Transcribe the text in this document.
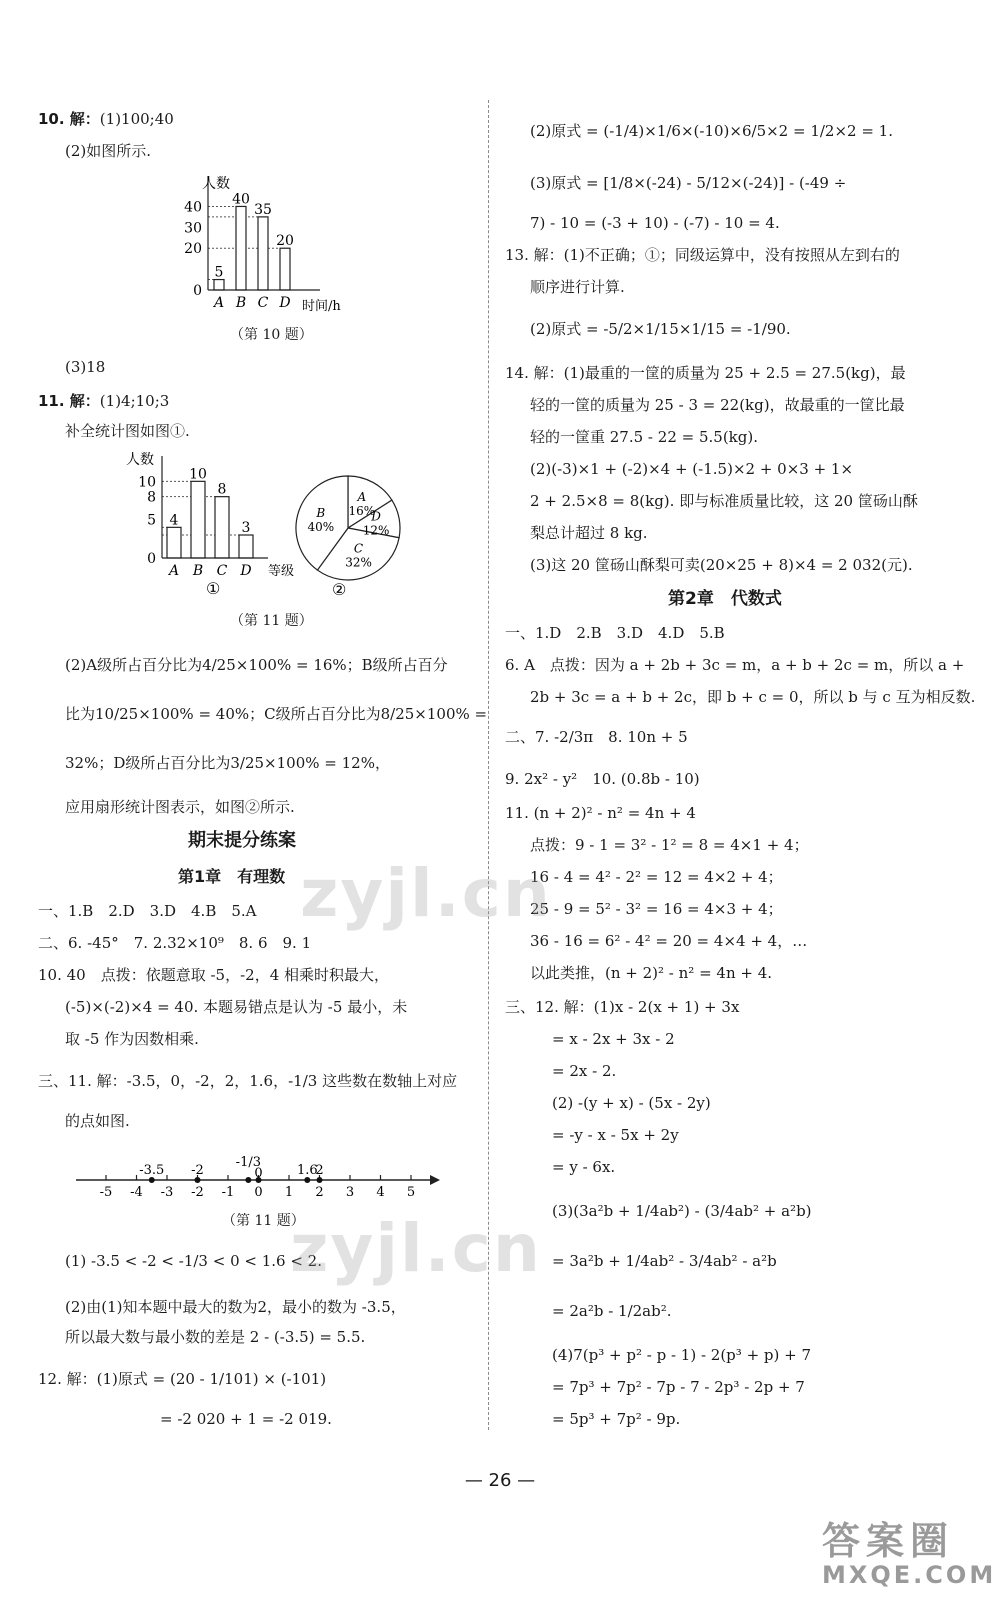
10. 解：(1)100;40
(2)如图所示.
0
20
30
40
5
A
40
B
35
C
20
D
人数
时间/h
（第 10 题）
(3)18
11. 解：(1)4;10;3
补全统计图如图①.
0
5
8
10
4
A
10
B
8
C
3
D
人数
等级
①
A
16%
D
12%
C
32%
B
40%
②
（第 11 题）
(2)A级所占百分比为4/25×100% = 16%；B级所占百分
比为10/25×100% = 40%；C级所占百分比为8/25×100% =
32%；D级所占百分比为3/25×100% = 12%，
应用扇形统计图表示，如图②所示.
期末提分练案
第1章　有理数
一、1.B　2.D　3.D　4.B　5.A
二、6. -45°　7. 2.32×10⁹　8. 6　9. 1
10. 40　点拨：依题意取 -5，-2，4 相乘时积最大，
(-5)×(-2)×4 = 40. 本题易错点是认为 -5 最小，未
取 -5 作为因数相乘.
三、11. 解：-3.5，0，-2，2，1.6，-1/3 这些数在数轴上对应
的点如图.
-5 -4 -3 -2 -1 0 1 2 3 4 5
-3.5 -2
-1/3
0	1.6
2
（第 11 题）
(1) -3.5 < -2 < -1/3 < 0 < 1.6 < 2.
(2)由(1)知本题中最大的数为2，最小的数为 -3.5，
所以最大数与最小数的差是 2 - (-3.5) = 5.5.
12. 解：(1)原式 = (20 - 1/101) × (-101)
= -2 020 + 1 = -2 019.
(2)原式 = (-1/4)×1/6×(-10)×6/5×2 = 1/2×2 = 1.
(3)原式 = [1/8×(-24) - 5/12×(-24)] - (-49 ÷
7) - 10 = (-3 + 10) - (-7) - 10 = 4.
13. 解：(1)不正确；①；同级运算中，没有按照从左到右的
顺序进行计算.
(2)原式 = -5/2×1/15×1/15 = -1/90.
14. 解：(1)最重的一筐的质量为 25 + 2.5 = 27.5(kg)，最
轻的一筐的质量为 25 - 3 = 22(kg)，故最重的一筐比最
轻的一筐重 27.5 - 22 = 5.5(kg).
(2)(-3)×1 + (-2)×4 + (-1.5)×2 + 0×3 + 1×
2 + 2.5×8 = 8(kg). 即与标准质量比较，这 20 筐砀山酥
梨总计超过 8 kg.
(3)这 20 筐砀山酥梨可卖(20×25 + 8)×4 = 2 032(元).
第2章　代数式
一、1.D　2.B　3.D　4.D　5.B
6. A　点拨：因为 a + 2b + 3c = m，a + b + 2c = m，所以 a +
2b + 3c = a + b + 2c，即 b + c = 0，所以 b 与 c 互为相反数.
二、7. -2/3π　8. 10n + 5
9. 2x² - y²　10. (0.8b - 10)
11. (n + 2)² - n² = 4n + 4
点拨：9 - 1 = 3² - 1² = 8 = 4×1 + 4；
16 - 4 = 4² - 2² = 12 = 4×2 + 4；
25 - 9 = 5² - 3² = 16 = 4×3 + 4；
36 - 16 = 6² - 4² = 20 = 4×4 + 4，…
以此类推，(n + 2)² - n² = 4n + 4.
三、12. 解：(1)x - 2(x + 1) + 3x
= x - 2x + 3x - 2
= 2x - 2.
(2) -(y + x) - (5x - 2y)
= -y - x - 5x + 2y
= y - 6x.
(3)(3a²b + 1/4ab²) - (3/4ab² + a²b)
= 3a²b + 1/4ab² - 3/4ab² - a²b
= 2a²b - 1/2ab².
(4)7(p³ + p² - p - 1) - 2(p³ + p) + 7
= 7p³ + 7p² - 7p - 7 - 2p³ - 2p + 7
= 5p³ + 7p² - 9p.
— 26 —
zyjl.cn
zyjl.cn
答案圈
MXQE.COM
